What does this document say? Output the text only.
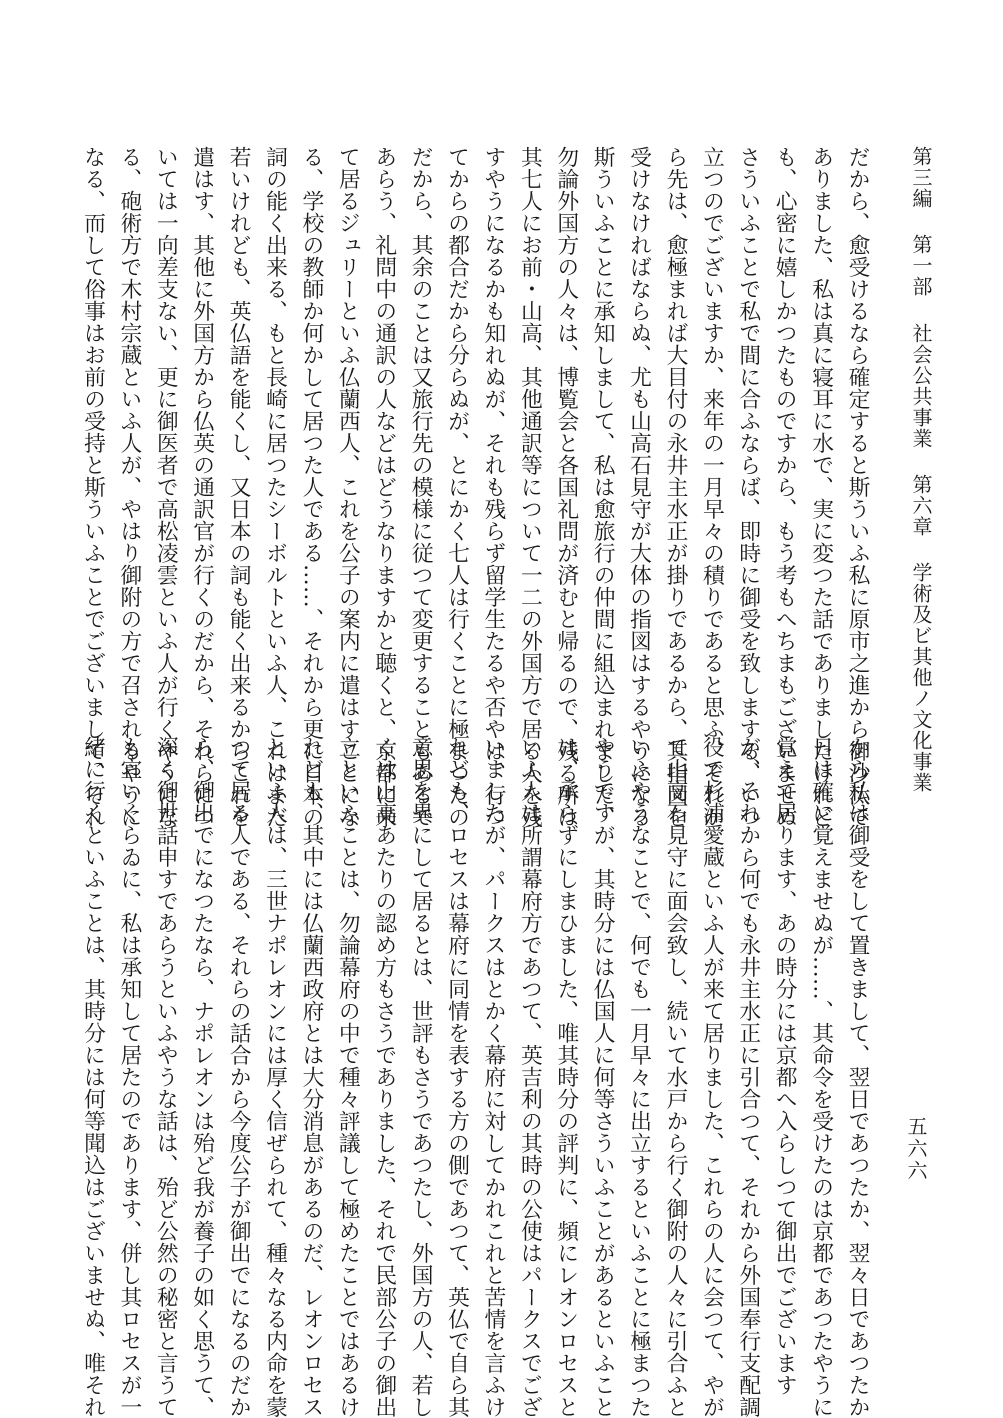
第三編 第一部 社会公共事業 第六章 学術及ビ其他ノ文化事業
五六六
だから、愈受けるなら確定すると斯ういふ私に原市之進から御沙汰で
ありました、私は真に寝耳に水で、実に変つた話でありましたけれど
も、心密に嬉しかつたものですから、もう考もへちまもございませぬ
さういふことで私で間に合ふならば、即時に御受を致しまする、いつ
立つのでございますか、来年の一月早々の積りであると思ふ、それか
ら先は、愈極まれば大目付の永井主水正が掛りであるから、其指図を
受けなければならぬ、尤も山高石見守が大体の指図はするやうになる
斯ういふことに承知しまして、私は愈旅行の仲間に組込まれました、
勿論外国方の人々は、博覧会と各国礼問が済むと帰るので、残る所は
其七人にお前・山高、其他通訳等について一二の外国方で居る人を残
すやうになるかも知れぬが、それも残らず留学生たるや否やは、行つ
てからの都合だから分らぬが、とにかく七人は行くことに極まつたの
だから、其余のことは又旅行先の模様に従つて変更することもあるで
あらう、礼問中の通訳の人などはどうなりますかと聴くと、京都に来
て居るジュリーといふ仏蘭西人、これを公子の案内に遣はすことにな
る、学校の教師か何かして居つた人である……、それから更に日本の
詞の能く出来る、もと長崎に居つたシーボルトといふ人、これはまだ
若いけれども、英仏語を能くし、又日本の詞も能く出来るからこれを
遣はす、其他に外国方から仏英の通訳官が行くのだから、それらにつ
いては一向差支ない、更に御医者で高松凌雲といふ人が行くやうにな
る、砲術方で木村宗蔵といふ人が、やはり御附の方で召されるやうに
なる、而して俗事はお前の受持と斯ういふことでございまして、それ
から私は御受をして置きまして、翌日であつたか、翌々日であつたか
日は確に覚えませぬが……、其命令を受けたのは京都であつたやうに
覚えて居ります、あの時分には京都へ入らしつて御出でございます
が、それから何でも永井主水正に引合つて、それから外国奉行支配調
役で杉浦愛蔵といふ人が来て居りました、これらの人に会つて、やが
て山高石見守に面会致し、続いて水戸から行く御附の人々に引合ふと
いふやうなことで、何でも一月早々に出立するといふことに極まつた
やうですが、其時分には仏国人に何等さういふことがあるといふこと
は、承らずにしまひました、唯其時分の評判に、頻にレオンロセスと
いふ人は所謂幕府方であつて、英吉利の其時の公使はパークスでござ
いましたが、パークスはとかく幕府に対してかれこれと苦情を言ふけ
れども、ロセスは幕府に同情を表する方の側であつて、英仏で自ら其
意思を異にして居るとは、世評もさうであつたし、外国方の人、若し
くは山高あたりの認め方もさうでありました、それで民部公子の御出
立といふことは、勿論幕府の中で種々評議して極めたことではあるけ
れども、其中には仏蘭西政府とは大分消息があるのだ、レオンロセス
といふ人は、三世ナポレオンには厚く信ぜられて、種々なる内命を蒙
つて居る人である、それらの話合から今度公子が御出でになるのだか
ら、御出でになつたなら、ナポレオンは殆ど我が養子の如く思うて、
深く御世話申すであらうといふやうな話は、殆ど公然の秘密と言うて
も宜いくらゐに、私は承知して居たのであります、併し其ロセスが一
緒に行くといふことは、其時分には何等聞込はございませぬ、唯それ
